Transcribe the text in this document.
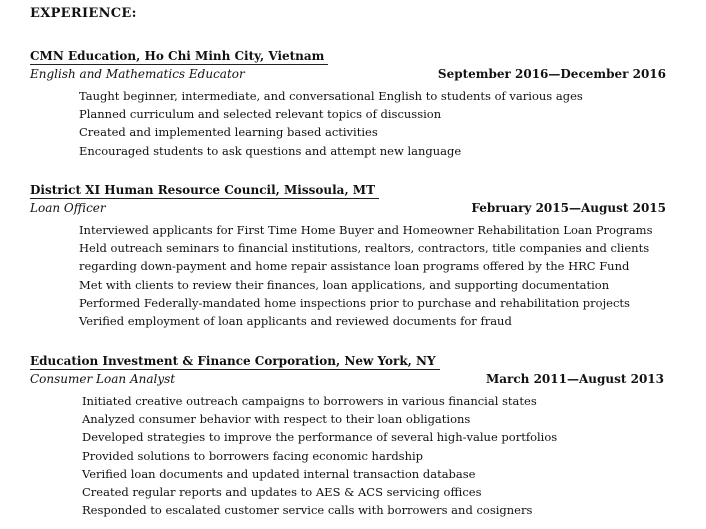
EXPERIENCE:
CMN Education, Ho Chi Minh City, Vietnam
English and Mathematics Educator	September 2016—December 2016
Taught beginner, intermediate, and conversational English to students of various ages
Planned curriculum and selected relevant topics of discussion
Created and implemented learning based activities
Encouraged students to ask questions and attempt new language
District XI Human Resource Council, Missoula, MT
Loan Officer	February 2015—August 2015
Interviewed applicants for First Time Home Buyer and Homeowner Rehabilitation Loan Programs
Held outreach seminars to financial institutions, realtors, contractors, title companies and clients
regarding down-payment and home repair assistance loan programs offered by the HRC Fund
Met with clients to review their finances, loan applications, and supporting documentation
Performed Federally-mandated home inspections prior to purchase and rehabilitation projects
Verified employment of loan applicants and reviewed documents for fraud
Education Investment & Finance Corporation, New York, NY
Consumer Loan Analyst	March 2011—August 2013
Initiated creative outreach campaigns to borrowers in various financial states
Analyzed consumer behavior with respect to their loan obligations
Developed strategies to improve the performance of several high-value portfolios
Provided solutions to borrowers facing economic hardship
Verified loan documents and updated internal transaction database
Created regular reports and updates to AES & ACS servicing offices
Responded to escalated customer service calls with borrowers and cosigners
